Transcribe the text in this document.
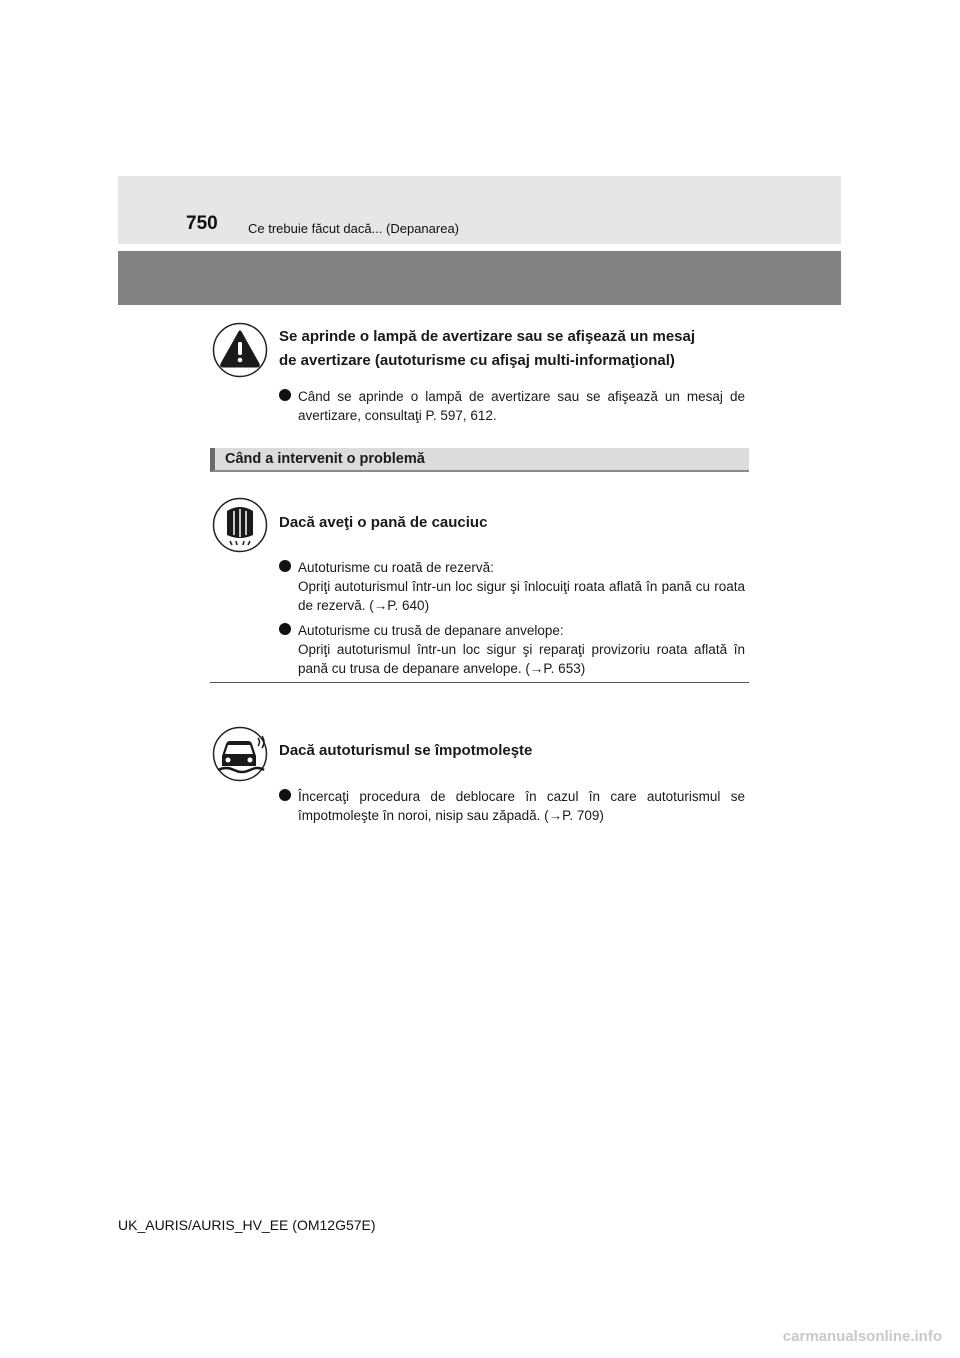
750 Ce trebuie făcut dacă... (Depanarea)
Se aprinde o lampă de avertizare sau se afişează un mesaj
de avertizare (autoturisme cu afişaj multi-informaţional)

Când se aprinde o lampă de avertizare sau se afişează un mesaj de avertizare, consultaţi P. 597, 612.

Când a intervenit o problemă
Dacă aveţi o pană de cauciuc

Autoturisme cu roată de rezervă:

Opriţi autoturismul într-un loc sigur şi înlocuiţi roata aflată în pană cu roata de rezervă. (→P. 640)

Autoturisme cu trusă de depanare anvelope:

Opriţi autoturismul într-un loc sigur şi reparaţi provizoriu roata aflată în pană cu trusa de depanare anvelope. (→P. 653)

Dacă autoturismul se împotmoleşte

Încercaţi procedura de deblocare în cazul în care autoturismul se împotmoleşte în noroi, nisip sau zăpadă. (→P. 709)

UK_AURIS/AURIS_HV_EE (OM12G57E)
carmanualsonline.info
